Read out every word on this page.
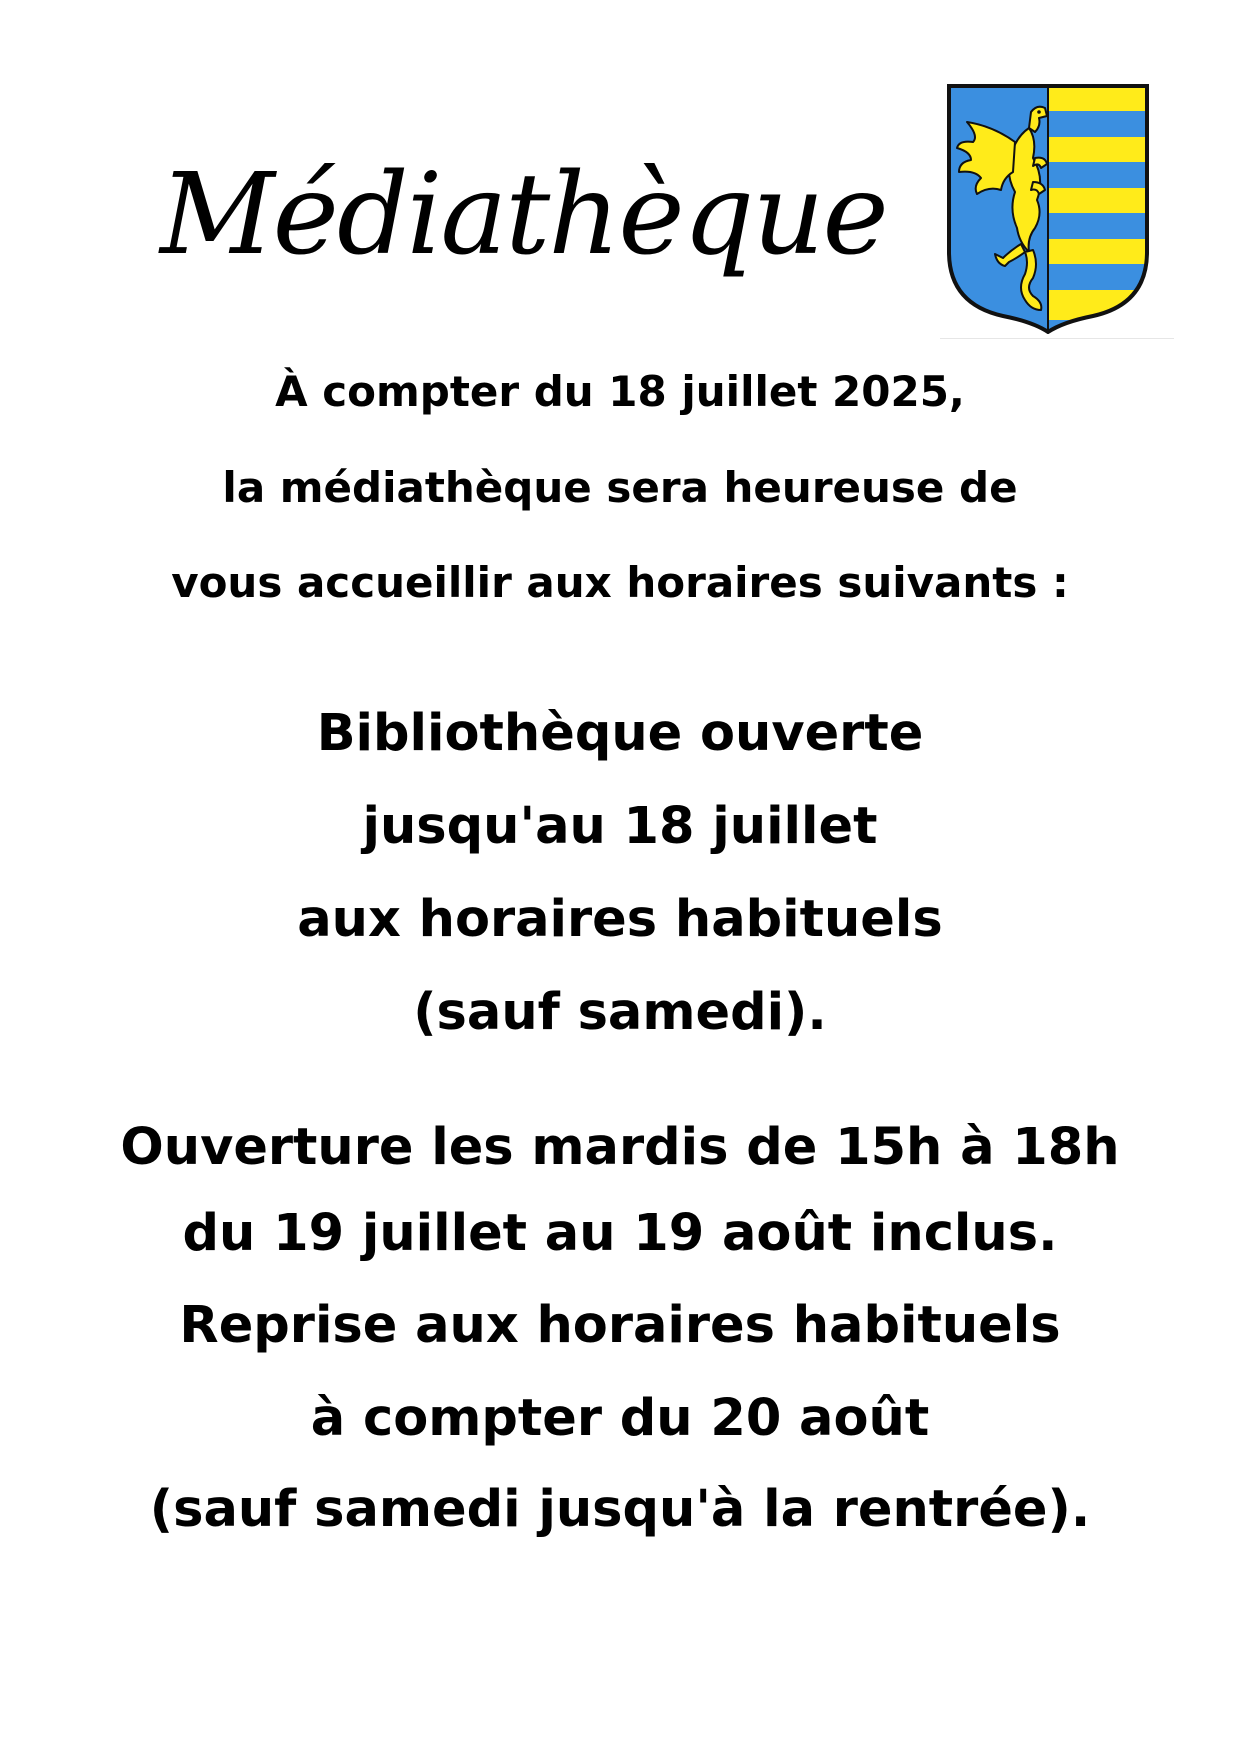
Médiathèque
À compter du 18 juillet 2025,
la médiathèque sera heureuse de
vous accueillir aux horaires suivants :
Bibliothèque ouverte
jusqu'au 18 juillet
aux horaires habituels
(sauf samedi).
Ouverture les mardis de 15h à 18h
du 19 juillet au 19 août inclus.
Reprise aux horaires habituels
à compter du 20 août
(sauf samedi jusqu'à la rentrée).
